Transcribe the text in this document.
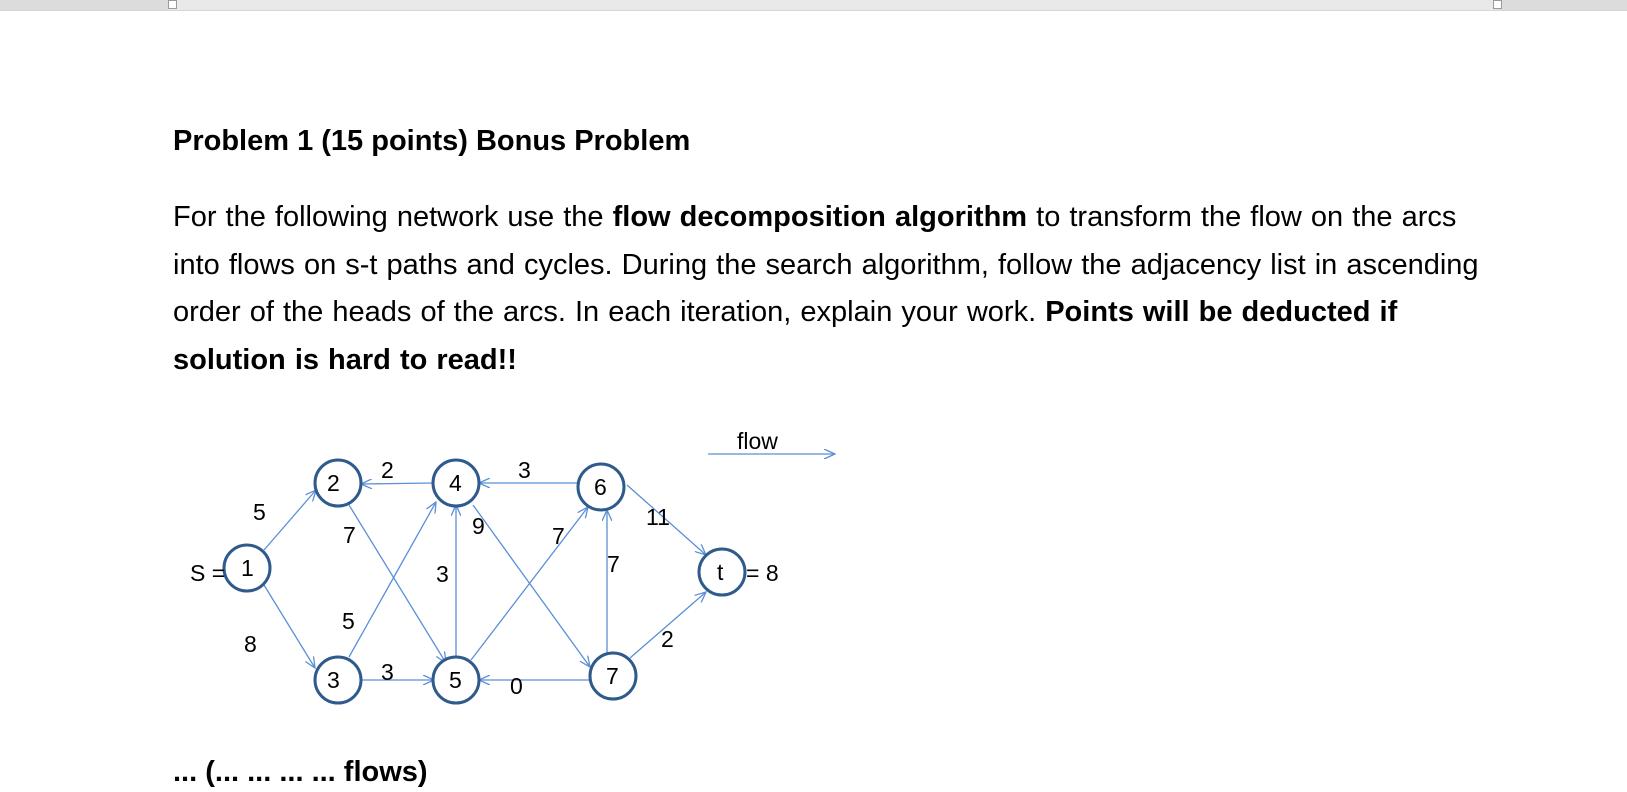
Problem 1 (15 points) Bonus Problem
For the following network use the flow decomposition algorithm to transform the flow on the arcs into flows on s-t paths and cycles. During the search algorithm, follow the adjacency list in ascending order of the heads of the arcs. In each iteration, explain your work. Points will be deducted if solution is hard to read!!
1
2
3
4
5
6
7
t
S =	= 8
flow
5
8
2
7
5
3
3
3
9	7
7
0
11
2
... (... ... ... ... flows)
